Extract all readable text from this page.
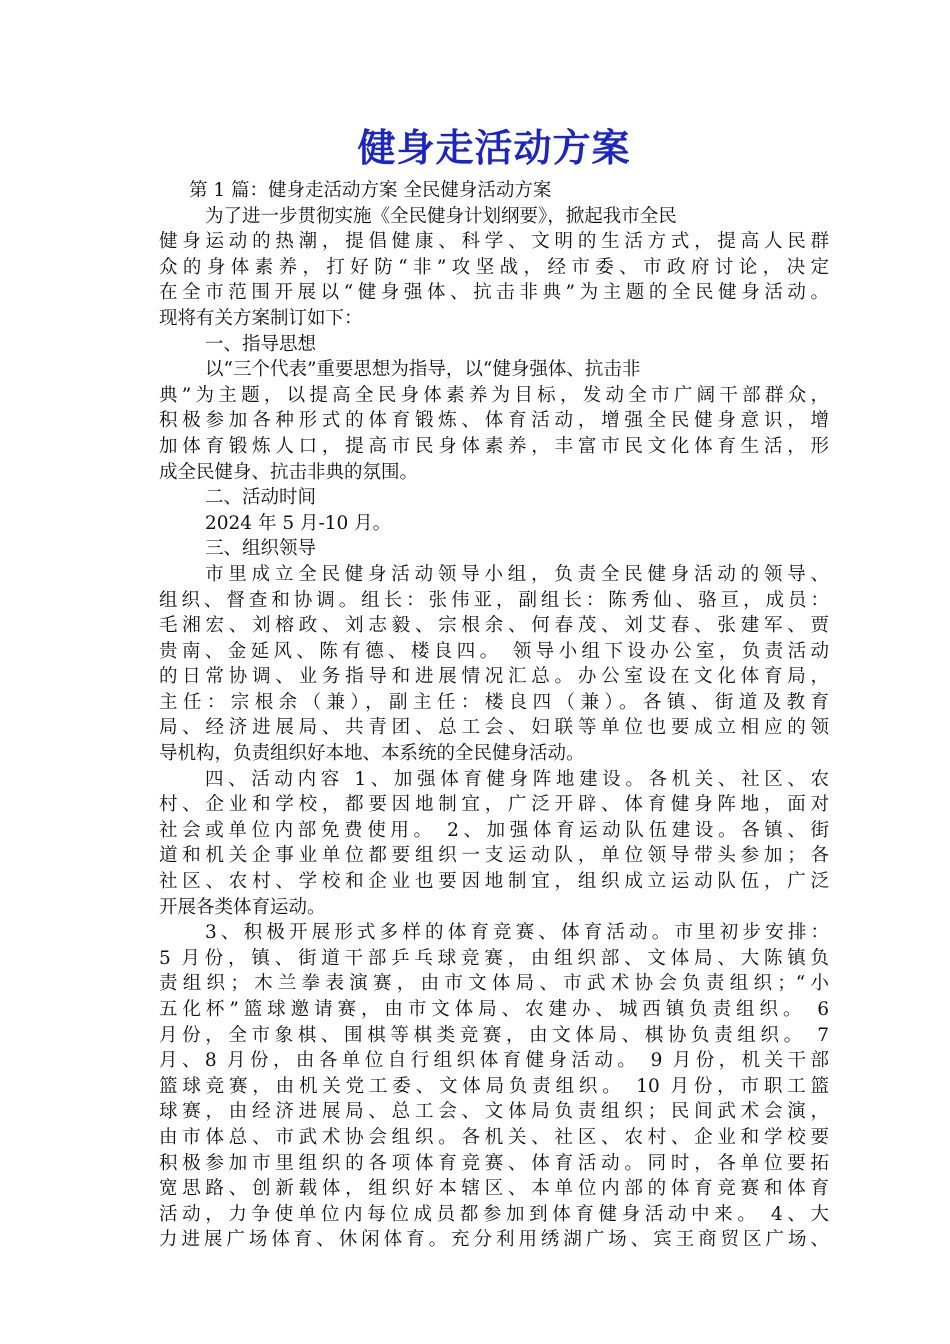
健身走活动方案
第 1 篇：健身走活动方案 全民健身活动方案
为了进一步贯彻实施《全民健身计划纲要》，掀起我市全民
健身运动的热潮，提倡健康、科学、文明的生活方式，提高人民群
众的身体素养，打好防“非”攻坚战，经市委、市政府讨论，决定
在全市范围开展以“健身强体、抗击非典”为主题的全民健身活动。
现将有关方案制订如下：
一、指导思想
以“三个代表”重要思想为指导，以“健身强体、抗击非
典”为主题，以提高全民身体素养为目标，发动全市广阔干部群众，
积极参加各种形式的体育锻炼、体育活动，增强全民健身意识，增
加体育锻炼人口，提高市民身体素养，丰富市民文化体育生活，形
成全民健身、抗击非典的氛围。
二、活动时间
2024 年 5 月-10 月。
三、组织领导
市里成立全民健身活动领导小组，负责全民健身活动的领导、
组织、督查和协调。组长：张伟亚，副组长：陈秀仙、骆亘，成员：
毛湘宏、刘榕政、刘志毅、宗根余、何春茂、刘艾春、张建军、贾
贵南、金延风、陈有德、楼良四。 领导小组下设办公室，负责活动
的日常协调、业务指导和进展情况汇总。办公室设在文化体育局，
主任：宗根余（兼），副主任：楼良四（兼）。各镇、街道及教育
局、经济进展局、共青团、总工会、妇联等单位也要成立相应的领
导机构，负责组织好本地、本系统的全民健身活动。
四、活动内容 1、加强体育健身阵地建设。各机关、社区、农
村、企业和学校，都要因地制宜，广泛开辟、体育健身阵地，面对
社会或单位内部免费使用。 2、加强体育运动队伍建设。各镇、街
道和机关企事业单位都要组织一支运动队，单位领导带头参加；各
社区、农村、学校和企业也要因地制宜，组织成立运动队伍，广泛
开展各类体育运动。
3、积极开展形式多样的体育竞赛、体育活动。市里初步安排：
5 月份，镇、街道干部乒乓球竞赛，由组织部、文体局、大陈镇负
责组织；木兰拳表演赛，由市文体局、市武术协会负责组织；“小
五化杯”篮球邀请赛，由市文体局、农建办、城西镇负责组织。 6
月份，全市象棋、围棋等棋类竞赛，由文体局、棋协负责组织。 7
月、8 月份，由各单位自行组织体育健身活动。 9 月份，机关干部
篮球竞赛，由机关党工委、文体局负责组织。 10 月份，市职工篮
球赛，由经济进展局、总工会、文体局负责组织；民间武术会演，
由市体总、市武术协会组织。各机关、社区、农村、企业和学校要
积极参加市里组织的各项体育竞赛、体育活动。同时，各单位要拓
宽思路、创新载体，组织好本辖区、本单位内部的体育竞赛和体育
活动，力争使单位内每位成员都参加到体育健身活动中来。 4、大
力进展广场体育、休闲体育。充分利用绣湖广场、宾王商贸区广场、
